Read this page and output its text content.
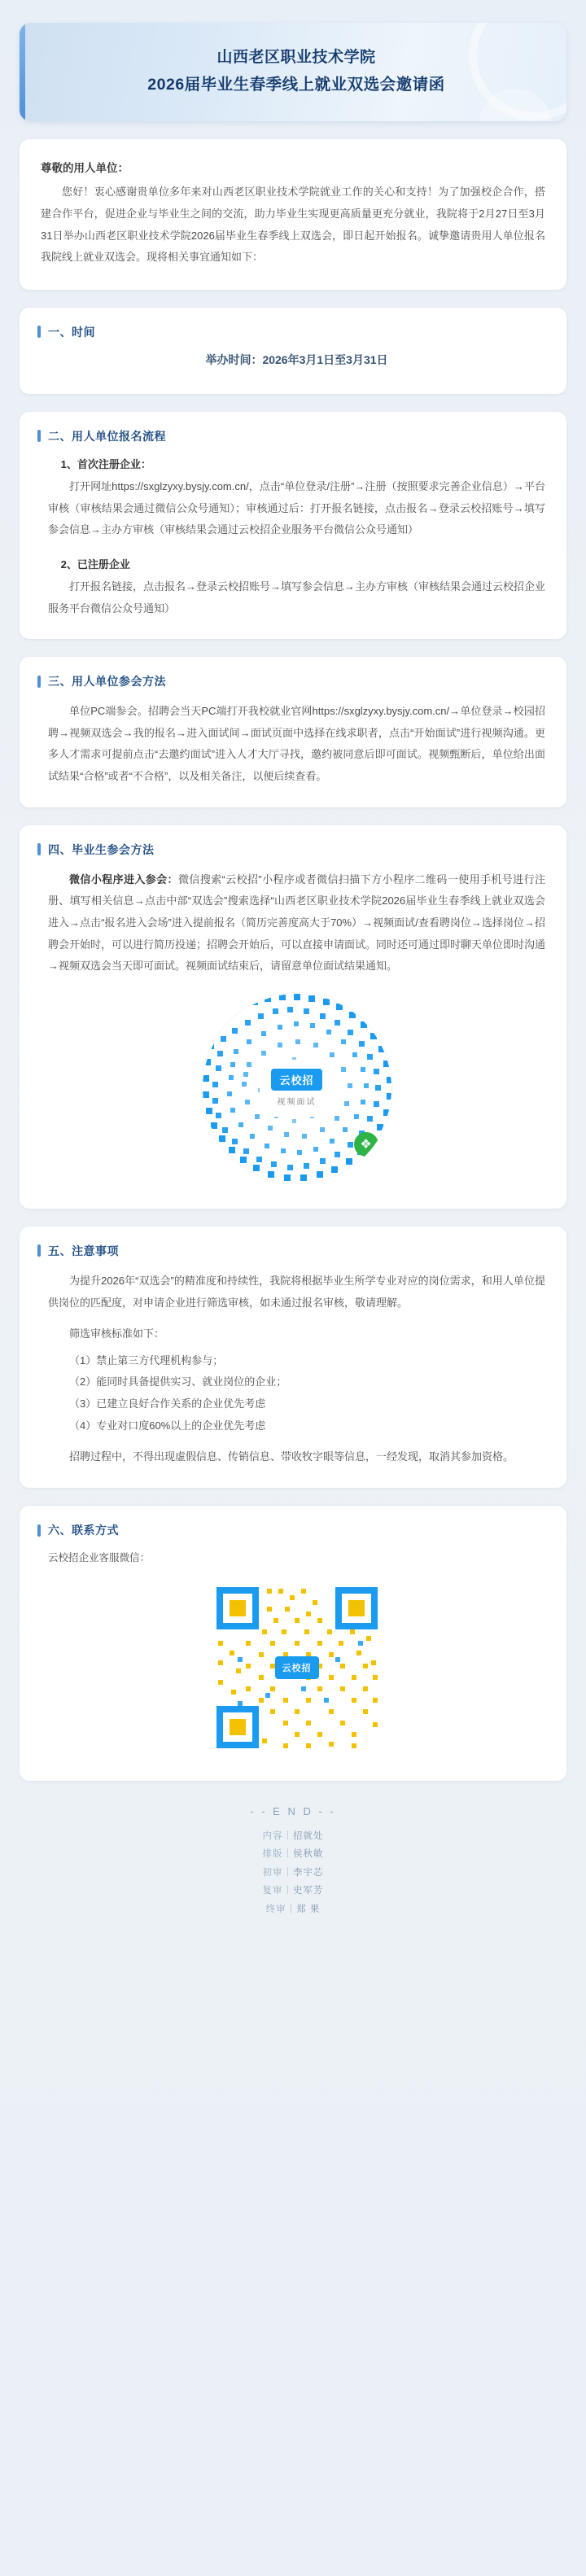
山西老区职业技术学院
2026届毕业生春季线上就业双选会邀请函

尊敬的用人单位：

您好！衷心感谢贵单位多年来对山西老区职业技术学院就业工作的关心和支持！为了加强校企合作，搭建合作平台，促进企业与毕业生之间的交流，助力毕业生实现更高质量更充分就业，我院将于2月27日至3月31日举办山西老区职业技术学院2026届毕业生春季线上双选会，即日起开始报名。诚挚邀请贵用人单位报名我院线上就业双选会。现将相关事宜通知如下：

一、时间

举办时间：2026年3月1日至3月31日

二、用人单位报名流程

1、首次注册企业：

打开网址https://sxglzyxy.bysjy.com.cn/，点击“单位登录/注册”→注册（按照要求完善企业信息）→平台审核（审核结果会通过微信公众号通知）；审核通过后：打开报名链接，点击报名→登录云校招账号→填写参会信息→主办方审核（审核结果会通过云校招企业服务平台微信公众号通知）

2、已注册企业

打开报名链接，点击报名→登录云校招账号→填写参会信息→主办方审核（审核结果会通过云校招企业服务平台微信公众号通知）

三、用人单位参会方法

单位PC端参会。招聘会当天PC端打开我校就业官网https://sxglzyxy.bysjy.com.cn/→单位登录→校园招聘→视频双选会→我的报名→进入面试间→面试页面中选择在线求职者，点击“开始面试”进行视频沟通。更多人才需求可提前点击“去邀约面试”进入人才大厅寻找，邀约被同意后即可面试。视频甄断后，单位给出面试结果“合格”或者“不合格”，以及相关备注，以便后续查看。

四、毕业生参会方法

微信小程序进入参会：微信搜索“云校招”小程序或者微信扫描下方小程序二维码一使用手机号进行注册、填写相关信息→点击中部“双选会”搜索选择“山西老区职业技术学院2026届毕业生春季线上就业双选会进入→点击“报名进入会场”进入提前报名（简历完善度高大于70%）→视频面试/查看聘岗位→选择岗位→招聘会开始时，可以进行简历投递；招聘会开始后，可以直接申请面试。同时还可通过即时聊天单位即时沟通→视频双选会当天即可面试。视频面试结束后，请留意单位面试结果通知。

云校招
视频面试
❖
五、注意事项

为提升2026年“双选会”的精准度和持续性，我院将根据毕业生所学专业对应的岗位需求，和用人单位提供岗位的匹配度，对申请企业进行筛选审核，如未通过报名审核，敬请理解。

筛选审核标准如下：

（1）禁止第三方代理机构参与；
（2）能同时具备提供实习、就业岗位的企业；
（3）已建立良好合作关系的企业优先考虑
（4）专业对口度60%以上的企业优先考虑

招聘过程中，不得出现虚假信息、传销信息、带收牧字眼等信息，一经发现，取消其参加资格。

六、联系方式

云校招企业客服微信：

云校招
- - E N D - -
内容｜招就处
排版｜侯秋敏
初审｜李宇芯
复审｜史军芳
终审｜郑 果
